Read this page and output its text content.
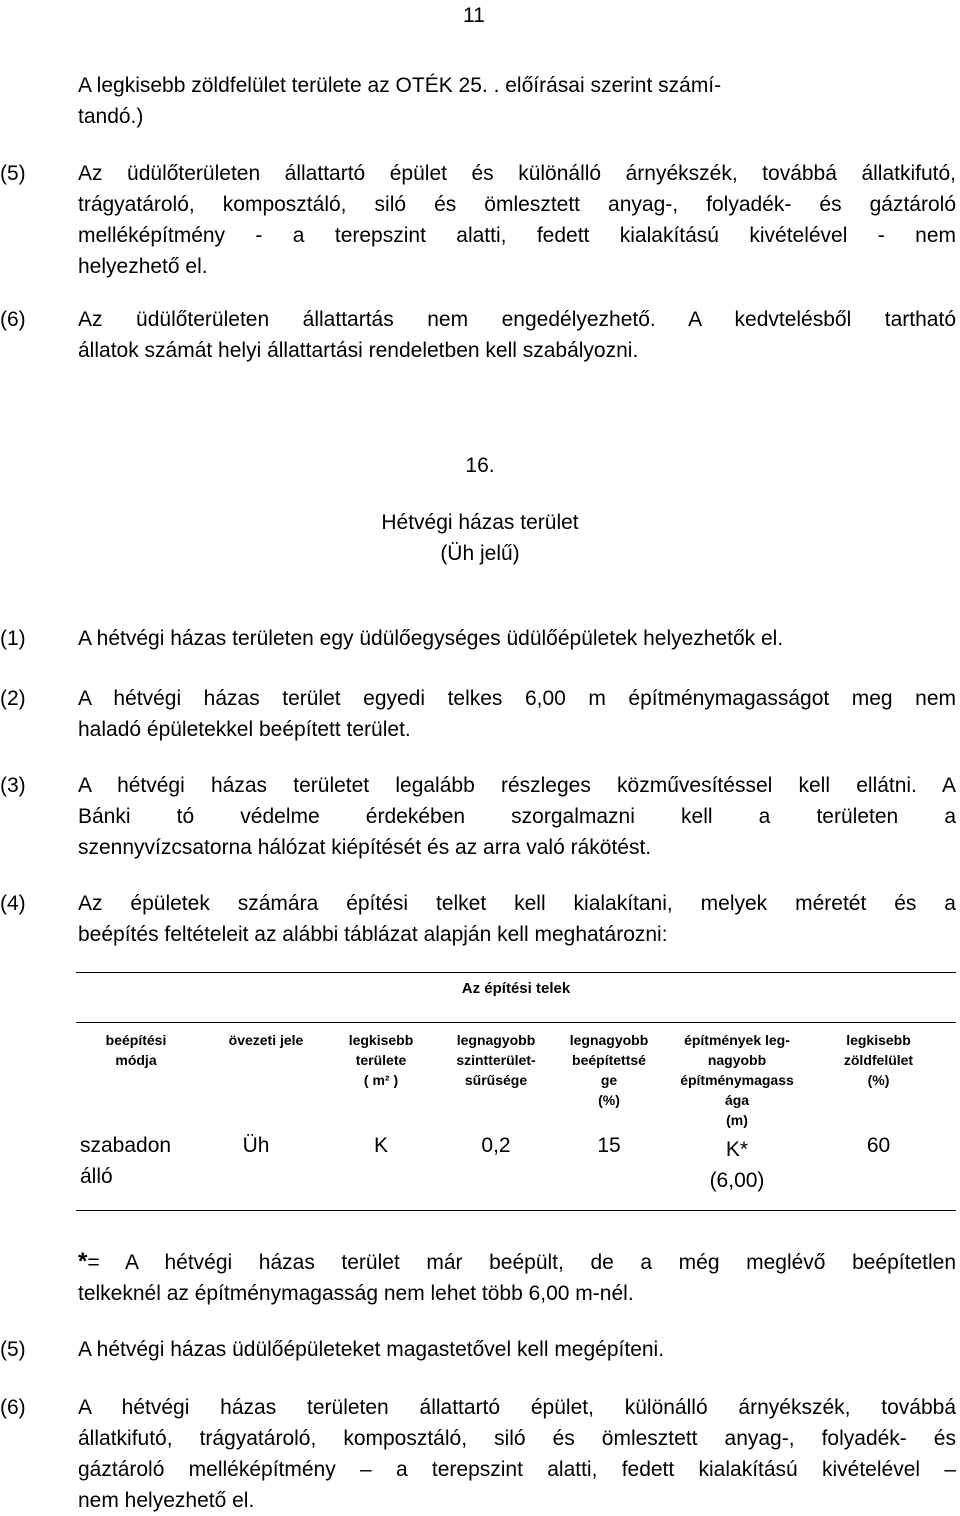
11
A legkisebb zöldfelület területe az OTÉK 25. . előírásai szerint számí-
tandó.)
(5) Az üdülőterületen állattartó épület és különálló árnyékszék, továbbá állatkifutó,
trágyatároló, komposztáló, siló és ömlesztett anyag-, folyadék- és gáztároló
melléképítmény - a terepszint alatti, fedett kialakítású kivételével - nem
helyezhető el.
(6) Az üdülőterületen állattartás nem engedélyezhető. A kedvtelésből tartható
állatok számát helyi állattartási rendeletben kell szabályozni.
16.
Hétvégi házas terület
(Üh jelű)
(1) A hétvégi házas területen egy üdülőegységes üdülőépületek helyezhetők el.
(2) A hétvégi házas terület egyedi telkes 6,00 m építménymagasságot meg nem
haladó épületekkel beépített terület.
(3) A hétvégi házas területet legalább részleges közművesítéssel kell ellátni. A
Bánki tó védelme érdekében szorgalmazni kell a területen a
szennyvízcsatorna hálózat kiépítését és az arra való rákötést.
(4) Az épületek számára építési telket kell kialakítani, melyek méretét és a
beépítés feltételeit az alábbi táblázat alapján kell meghatározni:
Az építési telek
beépítési
módja
szabadon
álló
övezeti jele
Üh
legkisebb
területe
( m² )
K
legnagyobb
szintterület-
sűrűsége
0,2
legnagyobb
beépítettsé
ge
(%)
15
építmények leg-
nagyobb
építménymagass
ága
(m)
K*
(6,00)
legkisebb
zöldfelület
(%)
60
*= A hétvégi házas terület már beépült, de a még meglévő beépítetlen
telkeknél az építménymagasság nem lehet több 6,00 m-nél.
(5) A hétvégi házas üdülőépületeket magastetővel kell megépíteni.
(6) A hétvégi házas területen állattartó épület, különálló árnyékszék, továbbá
állatkifutó, trágyatároló, komposztáló, siló és ömlesztett anyag-, folyadék- és
gáztároló melléképítmény – a terepszint alatti, fedett kialakítású kivételével –
nem helyezhető el.
